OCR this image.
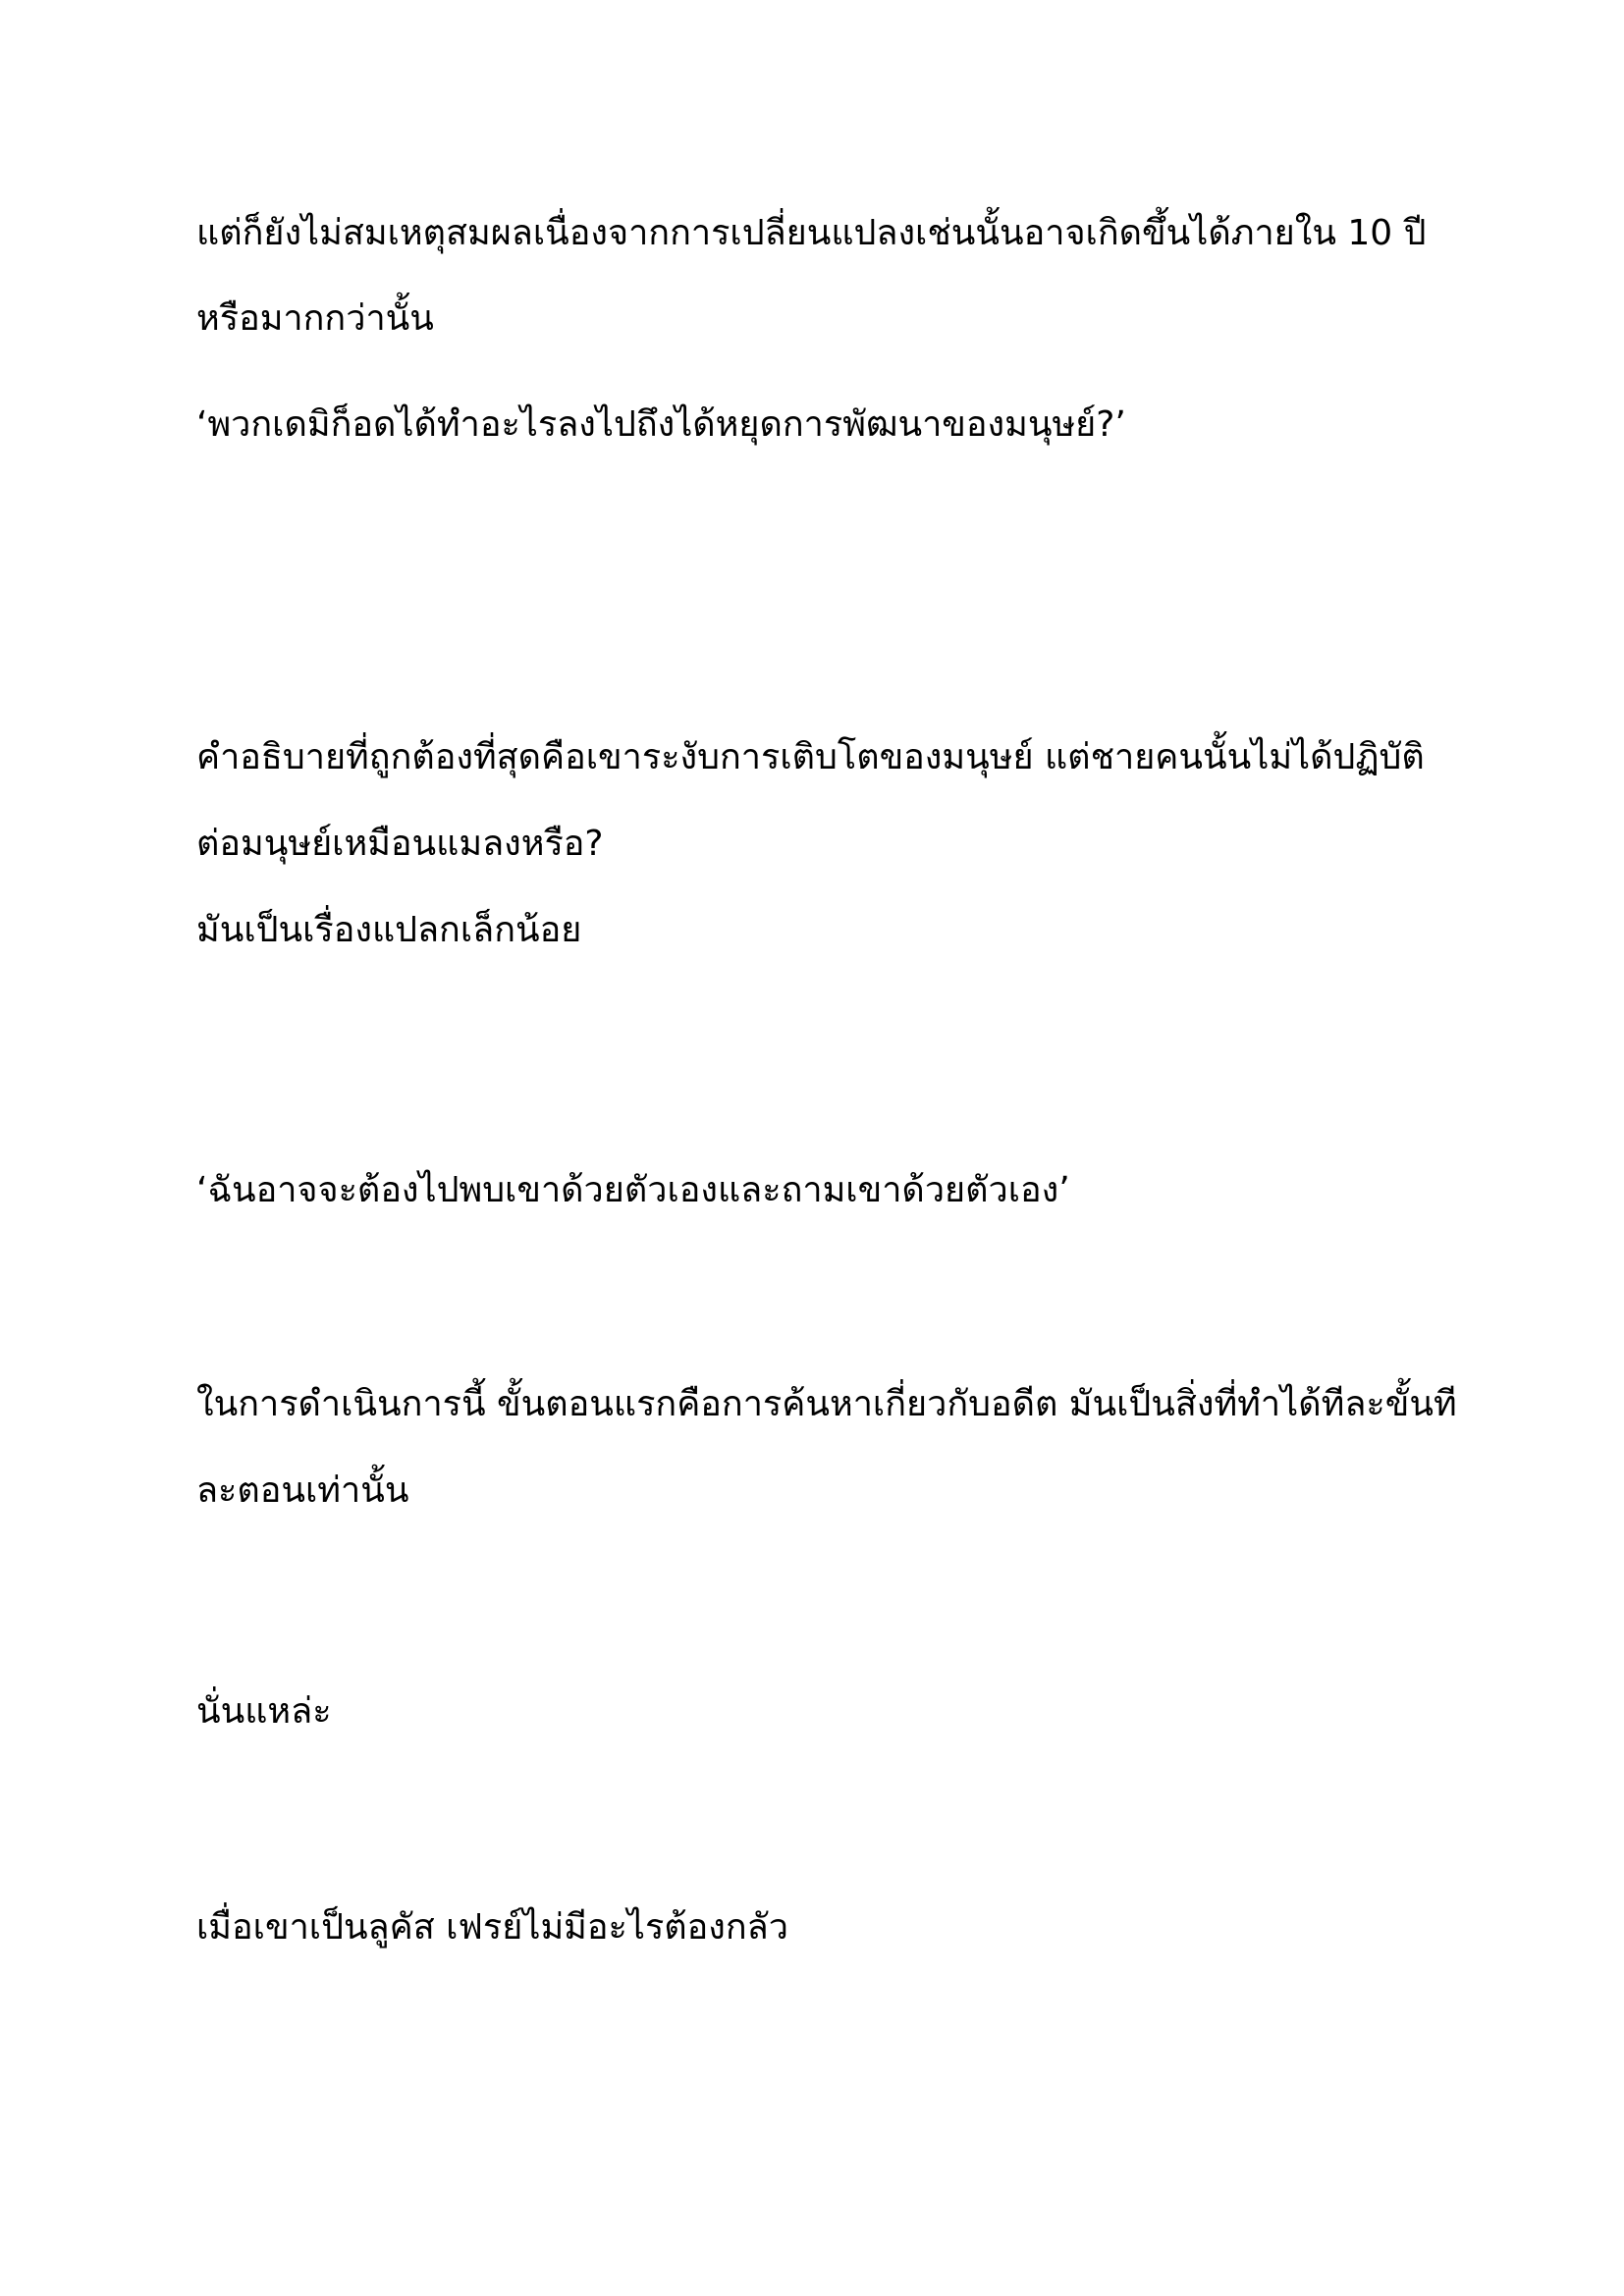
แต่ก็ยังไม่สมเหตุสมผลเนื่องจากการเปลี่ยนแปลงเช่นนั้นอาจเกิดขึ้นได้ภายใน 10 ปี
หรือมากกว่านั้น
‘พวกเดมิก็อดได้ทำอะไรลงไปถึงได้หยุดการพัฒนาของมนุษย์?’
คำอธิบายที่ถูกต้องที่สุดคือเขาระงับการเติบโตของมนุษย์ แต่ชายคนนั้นไม่ได้ปฏิบัติ
ต่อมนุษย์เหมือนแมลงหรือ?
มันเป็นเรื่องแปลกเล็กน้อย
‘ฉันอาจจะต้องไปพบเขาด้วยตัวเองและถามเขาด้วยตัวเอง’
ในการดำเนินการนี้ ขั้นตอนแรกคือการค้นหาเกี่ยวกับอดีต มันเป็นสิ่งที่ทำได้ทีละขั้นที
ละตอนเท่านั้น
นั่นแหล่ะ
เมื่อเขาเป็นลูคัส เฟรย์ไม่มีอะไรต้องกลัว
